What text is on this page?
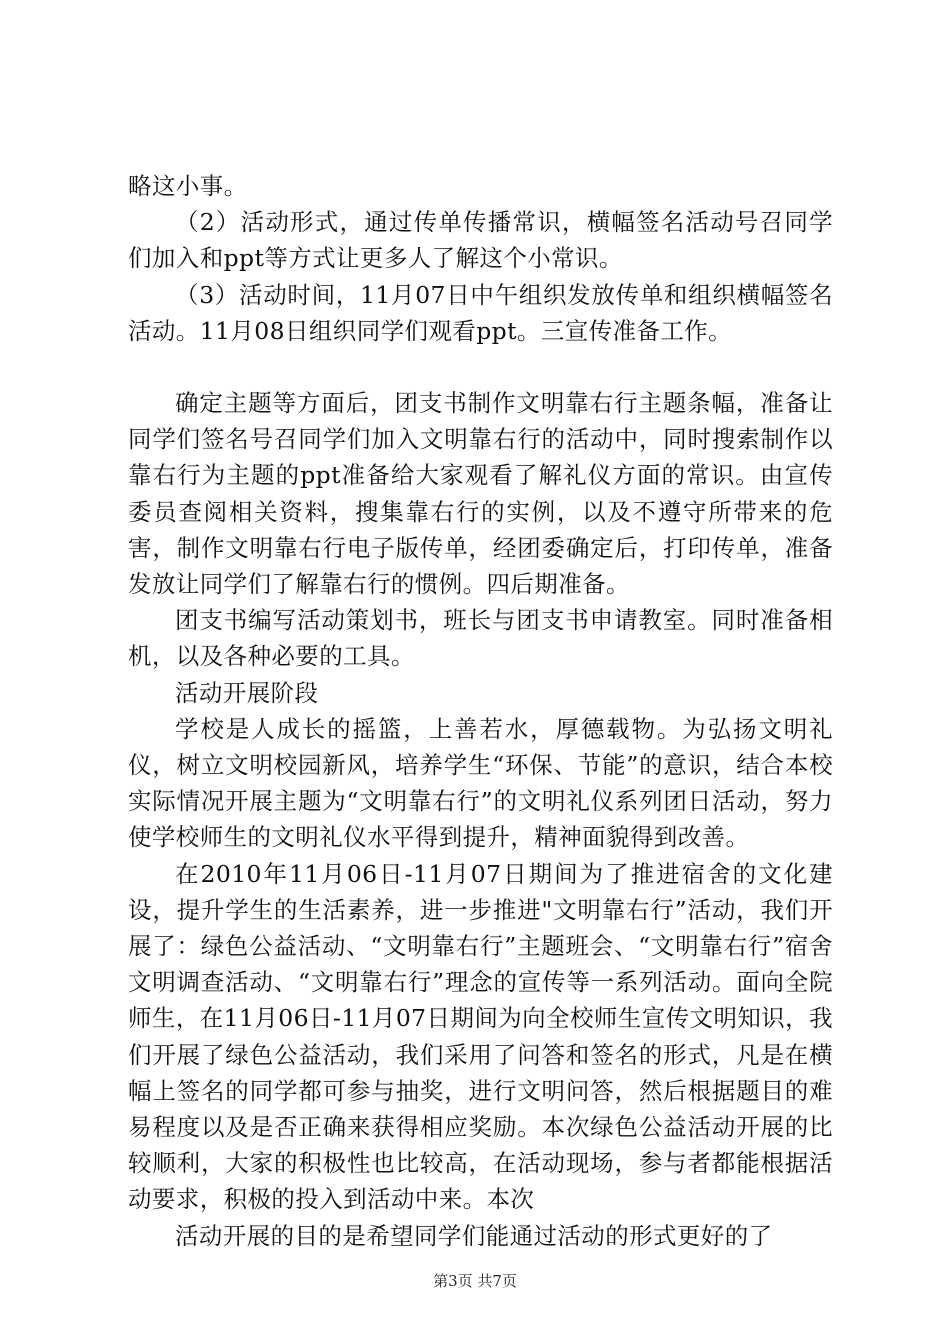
略这小事。

（2）活动形式，通过传单传播常识，横幅签名活动号召同学们加入和ppt等方式让更多人了解这个小常识。

（3）活动时间，11月07日中午组织发放传单和组织横幅签名活动。11月08日组织同学们观看ppt。三宣传准备工作。

确定主题等方面后，团支书制作文明靠右行主题条幅，准备让同学们签名号召同学们加入文明靠右行的活动中，同时搜索制作以靠右行为主题的ppt准备给大家观看了解礼仪方面的常识。由宣传委员查阅相关资料，搜集靠右行的实例，以及不遵守所带来的危害，制作文明靠右行电子版传单，经团委确定后，打印传单，准备发放让同学们了解靠右行的惯例。四后期准备。

团支书编写活动策划书，班长与团支书申请教室。同时准备相机，以及各种必要的工具。

活动开展阶段

学校是人成长的摇篮，上善若水，厚德载物。为弘扬文明礼仪，树立文明校园新风，培养学生“环保、节能”的意识，结合本校实际情况开展主题为“文明靠右行”的文明礼仪系列团日活动，努力使学校师生的文明礼仪水平得到提升，精神面貌得到改善。

在2010年11月06日-11月07日期间为了推进宿舍的文化建设，提升学生的生活素养，进一步推进"文明靠右行”活动，我们开展了：绿色公益活动、“文明靠右行”主题班会、“文明靠右行”宿舍文明调查活动、“文明靠右行”理念的宣传等一系列活动。面向全院师生，在11月06日-11月07日期间为向全校师生宣传文明知识，我们开展了绿色公益活动，我们采用了问答和签名的形式，凡是在横幅上签名的同学都可参与抽奖，进行文明问答，然后根据题目的难易程度以及是否正确来获得相应奖励。本次绿色公益活动开展的比较顺利，大家的积极性也比较高，在活动现场，参与者都能根据活动要求，积极的投入到活动中来。本次

活动开展的目的是希望同学们能通过活动的形式更好的了

第3页 共7页
